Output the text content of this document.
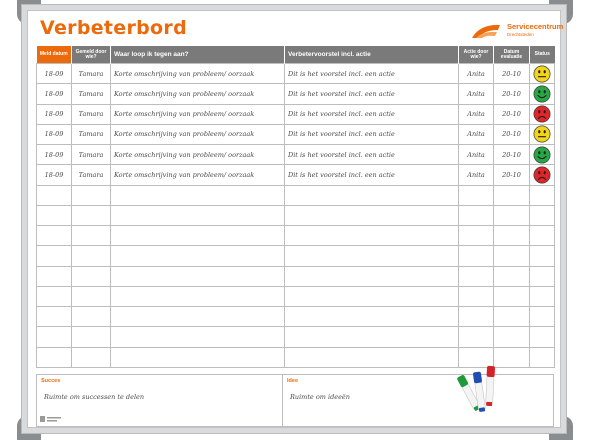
Verbeterbord	Servicecentrum
Drechtsteden
Meld datum	Gemeld door wie?	Waar loop ik tegen aan?	Verbetervoorstel incl. actie	Actie door wie?	Datum evaluatie	Status
18-09	Tamara	Korte omschrijving van probleem/ oorzaak	Dit is het voorstel incl. een actie	Anita	20-10	

18-09	Tamara	Korte omschrijving van probleem/ oorzaak	Dit is het voorstel incl. een actie	Anita	20-10	

18-09	Tamara	Korte omschrijving van probleem/ oorzaak	Dit is het voorstel incl. een actie	Anita	20-10	

18-09	Tamara	Korte omschrijving van probleem/ oorzaak	Dit is het voorstel incl. een actie	Anita	20-10	

18-09	Tamara	Korte omschrijving van probleem/ oorzaak	Dit is het voorstel incl. een actie	Anita	20-10	

18-09	Tamara	Korte omschrijving van probleem/ oorzaak	Dit is het voorstel incl. een actie	Anita	20-10	

Succes
Ruimte om successen te delen
Idee
Ruimte om ideeën
